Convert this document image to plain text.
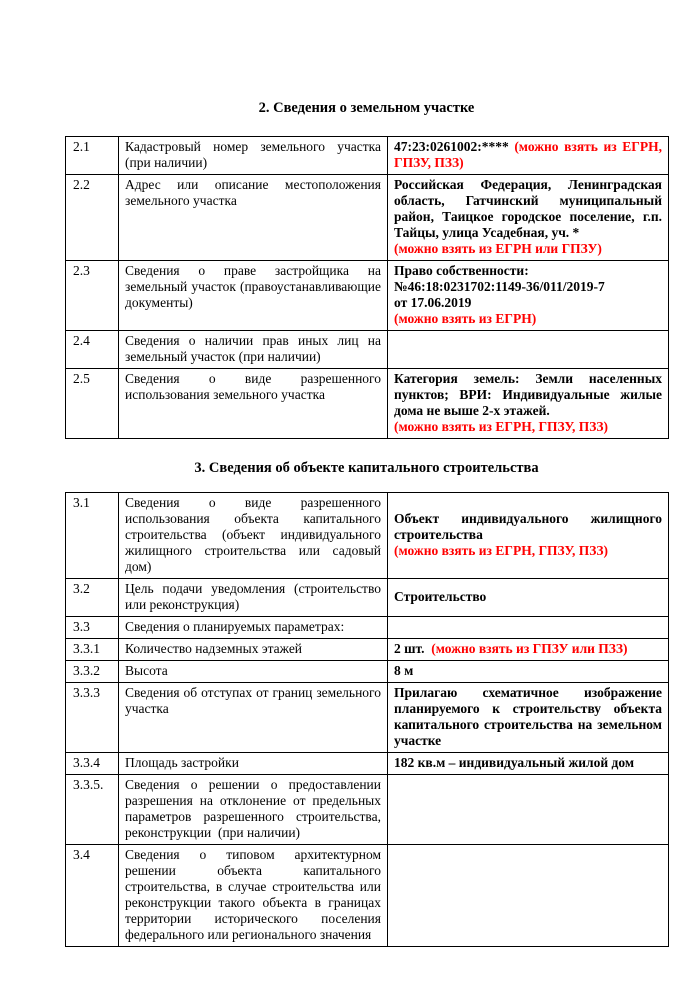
2. Сведения о земельном участке
2.1	Кадастровый номер земельного участка (при наличии)	47:23:0261002:**** (можно взять из ЕГРН, ГПЗУ, ПЗЗ)
2.2	Адрес или описание местоположения земельного участка	Российская Федерация, Ленинградская область, Гатчинский муниципальный район, Таицкое городское поселение, г.п. Тайцы, улица Усадебная, уч. *
(можно взять из ЕГРН или ГПЗУ)
2.3	Сведения о праве застройщика на земельный участок (правоустанавливающие документы)	Право собственности:
№46:18:0231702:1149-36/011/2019-7
от 17.06.2019
(можно взять из ЕГРН)
2.4	Сведения о наличии прав иных лиц на земельный участок (при наличии)	
2.5	Сведения о виде разрешенного использования земельного участка	Категория земель: Земли населенных пунктов; ВРИ: Индивидуальные жилые дома не выше 2-х этажей.
(можно взять из ЕГРН, ГПЗУ, ПЗЗ)
3. Сведения об объекте капитального строительства
3.1	Сведения о виде разрешенного использования объекта капитального строительства (объект индивидуального жилищного строительства или садовый дом)	Объект индивидуального жилищного строительства
(можно взять из ЕГРН, ГПЗУ, ПЗЗ)
3.2	Цель подачи уведомления (строительство или реконструкция)	Строительство
3.3	Сведения о планируемых параметрах:	
3.3.1	Количество надземных этажей	2 шт.  (можно взять из ГПЗУ или ПЗЗ)
3.3.2	Высота	8 м
3.3.3	Сведения об отступах от границ земельного участка	Прилагаю схематичное изображение планируемого к строительству объекта капитального строительства на земельном участке
3.3.4	Площадь застройки	182 кв.м – индивидуальный жилой дом
3.3.5.	Сведения о решении о предоставлении разрешения на отклонение от предельных параметров разрешенного строительства, реконструкции  (при наличии)	
3.4	Сведения о типовом архитектурном решении объекта капитального строительства, в случае строительства или реконструкции такого объекта в границах территории исторического поселения федерального или регионального значения	
